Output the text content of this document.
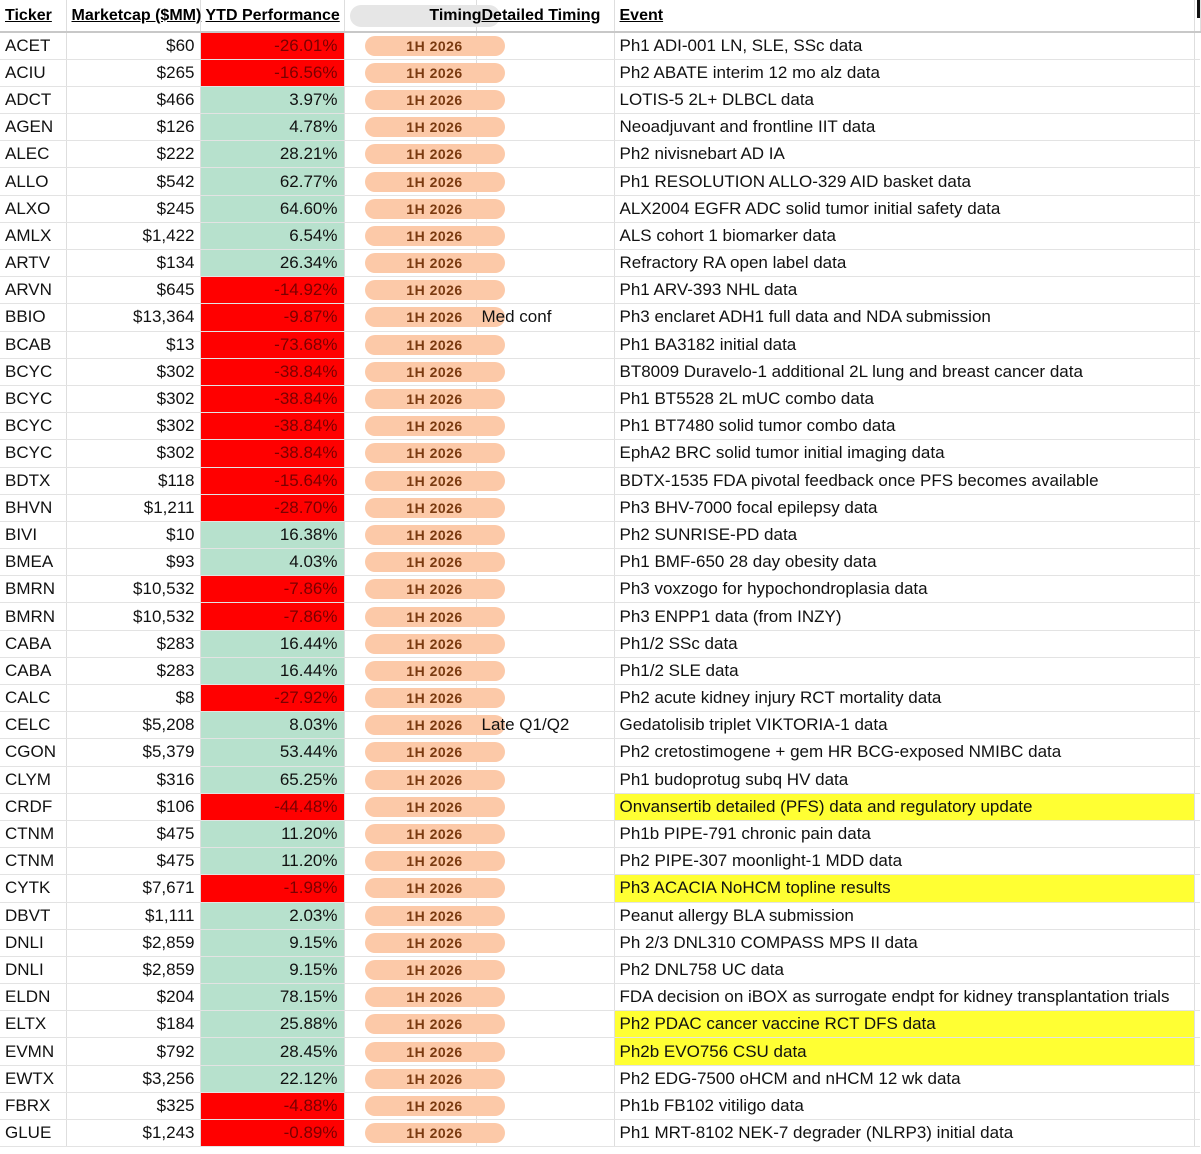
Ticker	Marketcap ($MM)	YTD Performance	Timing	Detailed Timing	Event	

ACET	$60	-26.01%	1H 2026		Ph1 ADI-001 LN, SLE, SSc data	
ACIU	$265	-16.56%	1H 2026		Ph2 ABATE interim 12 mo alz data	
ADCT	$466	3.97%	1H 2026		LOTIS-5 2L+ DLBCL data	
AGEN	$126	4.78%	1H 2026		Neoadjuvant and frontline IIT data	
ALEC	$222	28.21%	1H 2026		Ph2 nivisnebart AD IA	
ALLO	$542	62.77%	1H 2026		Ph1 RESOLUTION ALLO-329 AID basket data	
ALXO	$245	64.60%	1H 2026		ALX2004 EGFR ADC solid tumor initial safety data	
AMLX	$1,422	6.54%	1H 2026		ALS cohort 1 biomarker data	
ARTV	$134	26.34%	1H 2026		Refractory RA open label data	
ARVN	$645	-14.92%	1H 2026		Ph1 ARV-393 NHL data	
BBIO	$13,364	-9.87%	1H 2026	Med conf	Ph3 enclaret ADH1 full data and NDA submission	
BCAB	$13	-73.68%	1H 2026		Ph1 BA3182 initial data	
BCYC	$302	-38.84%	1H 2026		BT8009 Duravelo-1 additional 2L lung and breast cancer data	
BCYC	$302	-38.84%	1H 2026		Ph1 BT5528 2L mUC combo data	
BCYC	$302	-38.84%	1H 2026		Ph1 BT7480 solid tumor combo data	
BCYC	$302	-38.84%	1H 2026		EphA2 BRC solid tumor initial imaging data	
BDTX	$118	-15.64%	1H 2026		BDTX-1535 FDA pivotal feedback once PFS becomes available	
BHVN	$1,211	-28.70%	1H 2026		Ph3 BHV-7000 focal epilepsy data	
BIVI	$10	16.38%	1H 2026		Ph2 SUNRISE-PD data	
BMEA	$93	4.03%	1H 2026		Ph1 BMF-650 28 day obesity data	
BMRN	$10,532	-7.86%	1H 2026		Ph3 voxzogo for hypochondroplasia data	
BMRN	$10,532	-7.86%	1H 2026		Ph3 ENPP1 data (from INZY)	
CABA	$283	16.44%	1H 2026		Ph1/2 SSc data	
CABA	$283	16.44%	1H 2026		Ph1/2 SLE data	
CALC	$8	-27.92%	1H 2026		Ph2 acute kidney injury RCT mortality data	
CELC	$5,208	8.03%	1H 2026	Late Q1/Q2	Gedatolisib triplet VIKTORIA-1 data	
CGON	$5,379	53.44%	1H 2026		Ph2 cretostimogene + gem HR BCG-exposed NMIBC data	
CLYM	$316	65.25%	1H 2026		Ph1 budoprotug subq HV data	
CRDF	$106	-44.48%	1H 2026		Onvansertib detailed (PFS) data and regulatory update	
CTNM	$475	11.20%	1H 2026		Ph1b PIPE-791 chronic pain data	
CTNM	$475	11.20%	1H 2026		Ph2 PIPE-307 moonlight-1 MDD data	
CYTK	$7,671	-1.98%	1H 2026		Ph3 ACACIA NoHCM topline results	
DBVT	$1,111	2.03%	1H 2026		Peanut allergy BLA submission	
DNLI	$2,859	9.15%	1H 2026		Ph 2/3 DNL310 COMPASS MPS II data	
DNLI	$2,859	9.15%	1H 2026		Ph2 DNL758 UC data	
ELDN	$204	78.15%	1H 2026		FDA decision on iBOX as surrogate endpt for kidney transplantation trials	
ELTX	$184	25.88%	1H 2026		Ph2 PDAC cancer vaccine RCT DFS data	
EVMN	$792	28.45%	1H 2026		Ph2b EVO756 CSU data	
EWTX	$3,256	22.12%	1H 2026		Ph2 EDG-7500 oHCM and nHCM 12 wk data	
FBRX	$325	-4.88%	1H 2026		Ph1b FB102 vitiligo data	
GLUE	$1,243	-0.89%	1H 2026		Ph1 MRT-8102 NEK-7 degrader (NLRP3) initial data	
